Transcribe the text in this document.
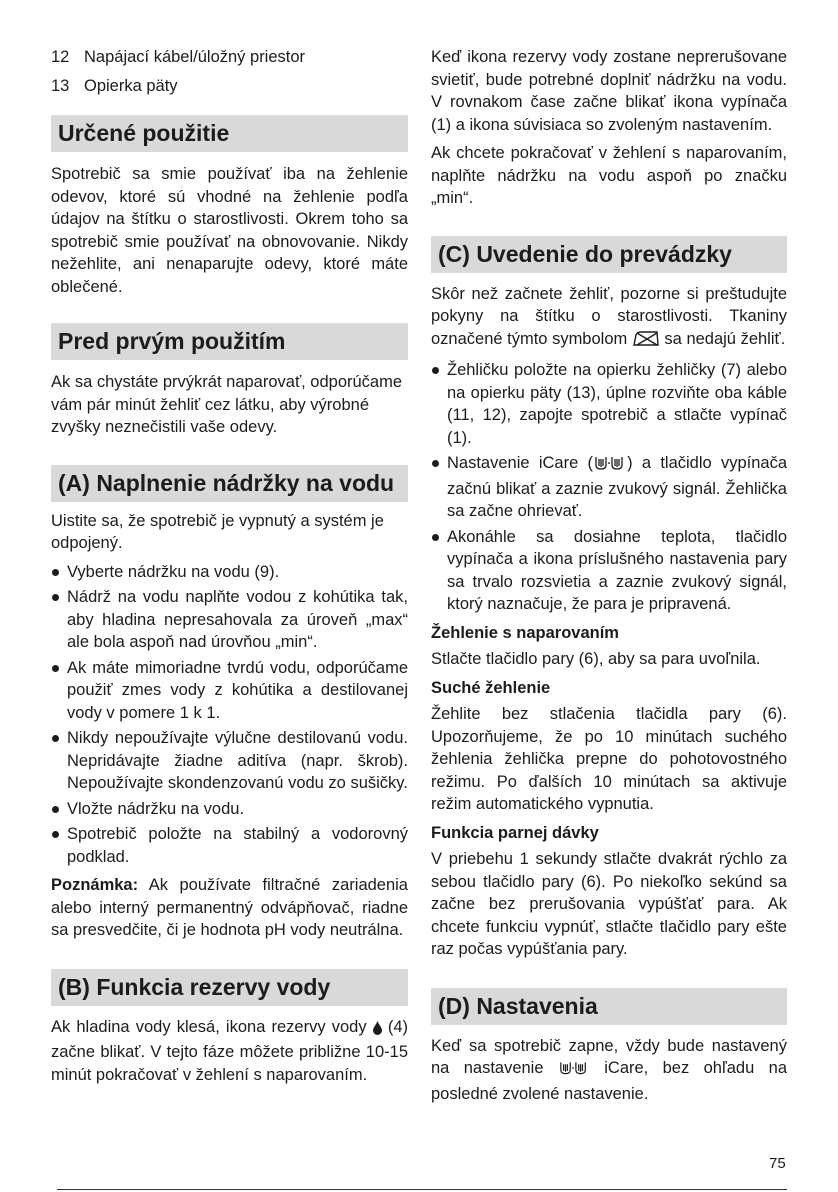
12 Napájací kábel/úložný priestor
13 Opierka päty
Určené použitie

Spotrebič sa smie používať iba na žehlenie odevov, ktoré sú vhodné na žehlenie podľa údajov na štítku o starostlivosti. Okrem toho sa spotrebič smie používať na obnovovanie. Nikdy nežehlite, ani nenaparujte odevy, ktoré máte oblečené.

Pred prvým použitím

Ak sa chystáte prvýkrát naparovať, odporúčame vám pár minút žehliť cez látku, aby výrobné zvyšky neznečistili vaše odevy.

(A) Naplnenie nádržky na vodu

Uistite sa, že spotrebič je vypnutý a systém je odpojený.

Vyberte nádržku na vodu (9).
Nádrž na vodu naplňte vodou z kohútika tak, aby hladina nepresahovala za úroveň „max“ ale bola aspoň nad úrovňou „min“.
Ak máte mimoriadne tvrdú vodu, odporúčame použiť zmes vody z kohútika a destilovanej vody v pomere 1 k 1.
Nikdy nepoužívajte výlučne destilovanú vodu. Nepridávajte žiadne aditíva (napr. škrob). Nepoužívajte skondenzovanú vodu zo sušičky.
Vložte nádržku na vodu.
Spotrebič položte na stabilný a vodorovný podklad.

Poznámka: Ak používate filtračné zariadenia alebo interný permanentný odvápňovač, riadne sa presvedčite, či je hodnota pH vody neutrálna.

(B) Funkcia rezervy vody

Ak hladina vody klesá, ikona rezervy vody  (4) začne blikať. V tejto fáze môžete približne 10-15 minút pokračovať v žehlení s naparovaním.

Keď ikona rezervy vody zostane neprerušovane svietiť, bude potrebné doplniť nádržku na vodu. V rovnakom čase začne blikať ikona vypínača (1) a ikona súvisiaca so zvoleným nastavením.

Ak chcete pokračovať v žehlení s naparovaním, naplňte nádržku na vodu aspoň po značku „min“.

(C) Uvedenie do prevádzky

Skôr než začnete žehliť, pozorne si preštudujte pokyny na štítku o starostlivosti. Tkaniny označené týmto symbolom  sa nedajú žehliť.

Žehličku položte na opierku žehličky (7) alebo na opierku päty (13), úplne rozviňte oba káble (11, 12), zapojte spotrebič a stlačte vypínač (1).
Nastavenie iCare ( ) a tlačidlo vypínača začnú blikať a zaznie zvukový signál. Žehlička sa začne ohrievať.
Akonáhle sa dosiahne teplota, tlačidlo vypínača a ikona príslušného nastavenia pary sa trvalo rozsvietia a zaznie zvukový signál, ktorý naznačuje, že para je pripravená.
Žehlenie s naparovaním

Stlačte tlačidlo pary (6), aby sa para uvoľnila.

Suché žehlenie

Žehlite bez stlačenia tlačidla pary (6). Upozorňujeme, že po 10 minútach suchého žehlenia žehlička prepne do pohotovostného režimu. Po ďalších 10 minútach sa aktivuje režim automatického vypnutia.

Funkcia parnej dávky

V priebehu 1 sekundy stlačte dvakrát rýchlo za sebou tlačidlo pary (6). Po niekoľko sekúnd sa začne bez prerušovania vypúšťať para. Ak chcete funkciu vypnúť, stlačte tlačidlo pary ešte raz počas vypúšťania pary.

(D) Nastavenia

Keď sa spotrebič zapne, vždy bude nastavený na nastavenie  iCare, bez ohľadu na posledné zvolené nastavenie.

75
